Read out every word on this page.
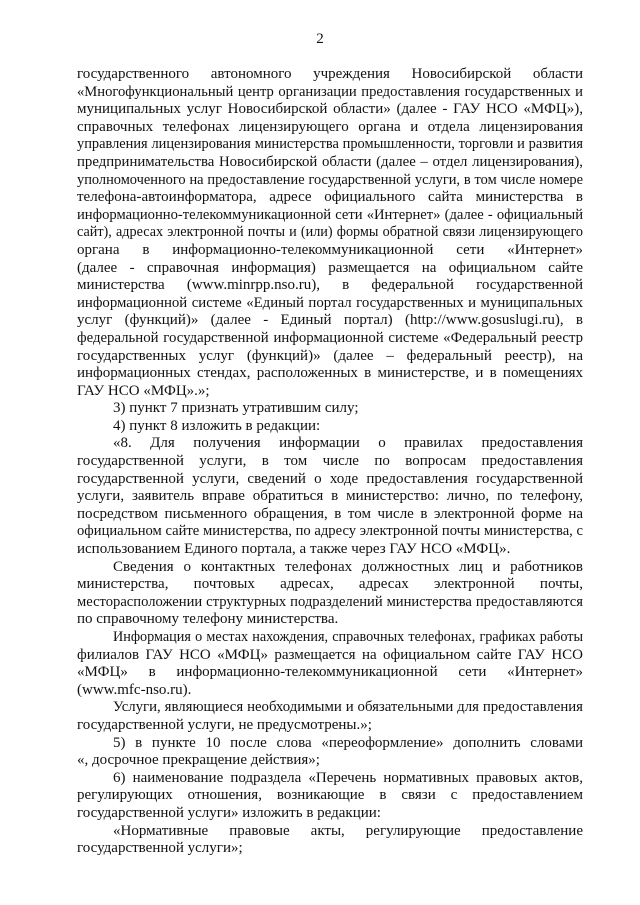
2
государственного автономного учреждения Новосибирской области
«Многофункциональный центр организации предоставления государственных и
муниципальных услуг Новосибирской области» (далее - ГАУ НСО «МФЦ»),
справочных телефонах лицензирующего органа и отдела лицензирования
управления лицензирования министерства промышленности, торговли и развития
предпринимательства Новосибирской области (далее – отдел лицензирования),
уполномоченного на предоставление государственной услуги, в том числе номере
телефона-автоинформатора, адресе официального сайта министерства в
информационно-телекоммуникационной сети «Интернет» (далее - официальный
сайт), адресах электронной почты и (или) формы обратной связи лицензирующего
органа в информационно-телекоммуникационной сети «Интернет»
(далее - справочная информация) размещается на официальном сайте
министерства (www.minrpp.nso.ru), в федеральной государственной
информационной системе «Единый портал государственных и муниципальных
услуг (функций)» (далее - Единый портал) (http://www.gosuslugi.ru), в
федеральной государственной информационной системе «Федеральный реестр
государственных услуг (функций)» (далее – федеральный реестр), на
информационных стендах, расположенных в министерстве, и в помещениях
ГАУ НСО «МФЦ».»;
3) пункт 7 признать утратившим силу;
4) пункт 8 изложить в редакции:
«8. Для получения информации о правилах предоставления
государственной услуги, в том числе по вопросам предоставления
государственной услуги, сведений о ходе предоставления государственной
услуги, заявитель вправе обратиться в министерство: лично, по телефону,
посредством письменного обращения, в том числе в электронной форме на
официальном сайте министерства, по адресу электронной почты министерства, с
использованием Единого портала, а также через ГАУ НСО «МФЦ».
Сведения о контактных телефонах должностных лиц и работников
министерства, почтовых адресах, адресах электронной почты,
месторасположении структурных подразделений министерства предоставляются
по справочному телефону министерства.
Информация о местах нахождения, справочных телефонах, графиках работы
филиалов ГАУ НСО «МФЦ» размещается на официальном сайте ГАУ НСО
«МФЦ» в информационно-телекоммуникационной сети «Интернет»
(www.mfc-nso.ru).
Услуги, являющиеся необходимыми и обязательными для предоставления
государственной услуги, не предусмотрены.»;
5) в пункте 10 после слова «переоформление» дополнить словами
«, досрочное прекращение действия»;
6) наименование подраздела «Перечень нормативных правовых актов,
регулирующих отношения, возникающие в связи с предоставлением
государственной услуги» изложить в редакции:
«Нормативные правовые акты, регулирующие предоставление
государственной услуги»;
